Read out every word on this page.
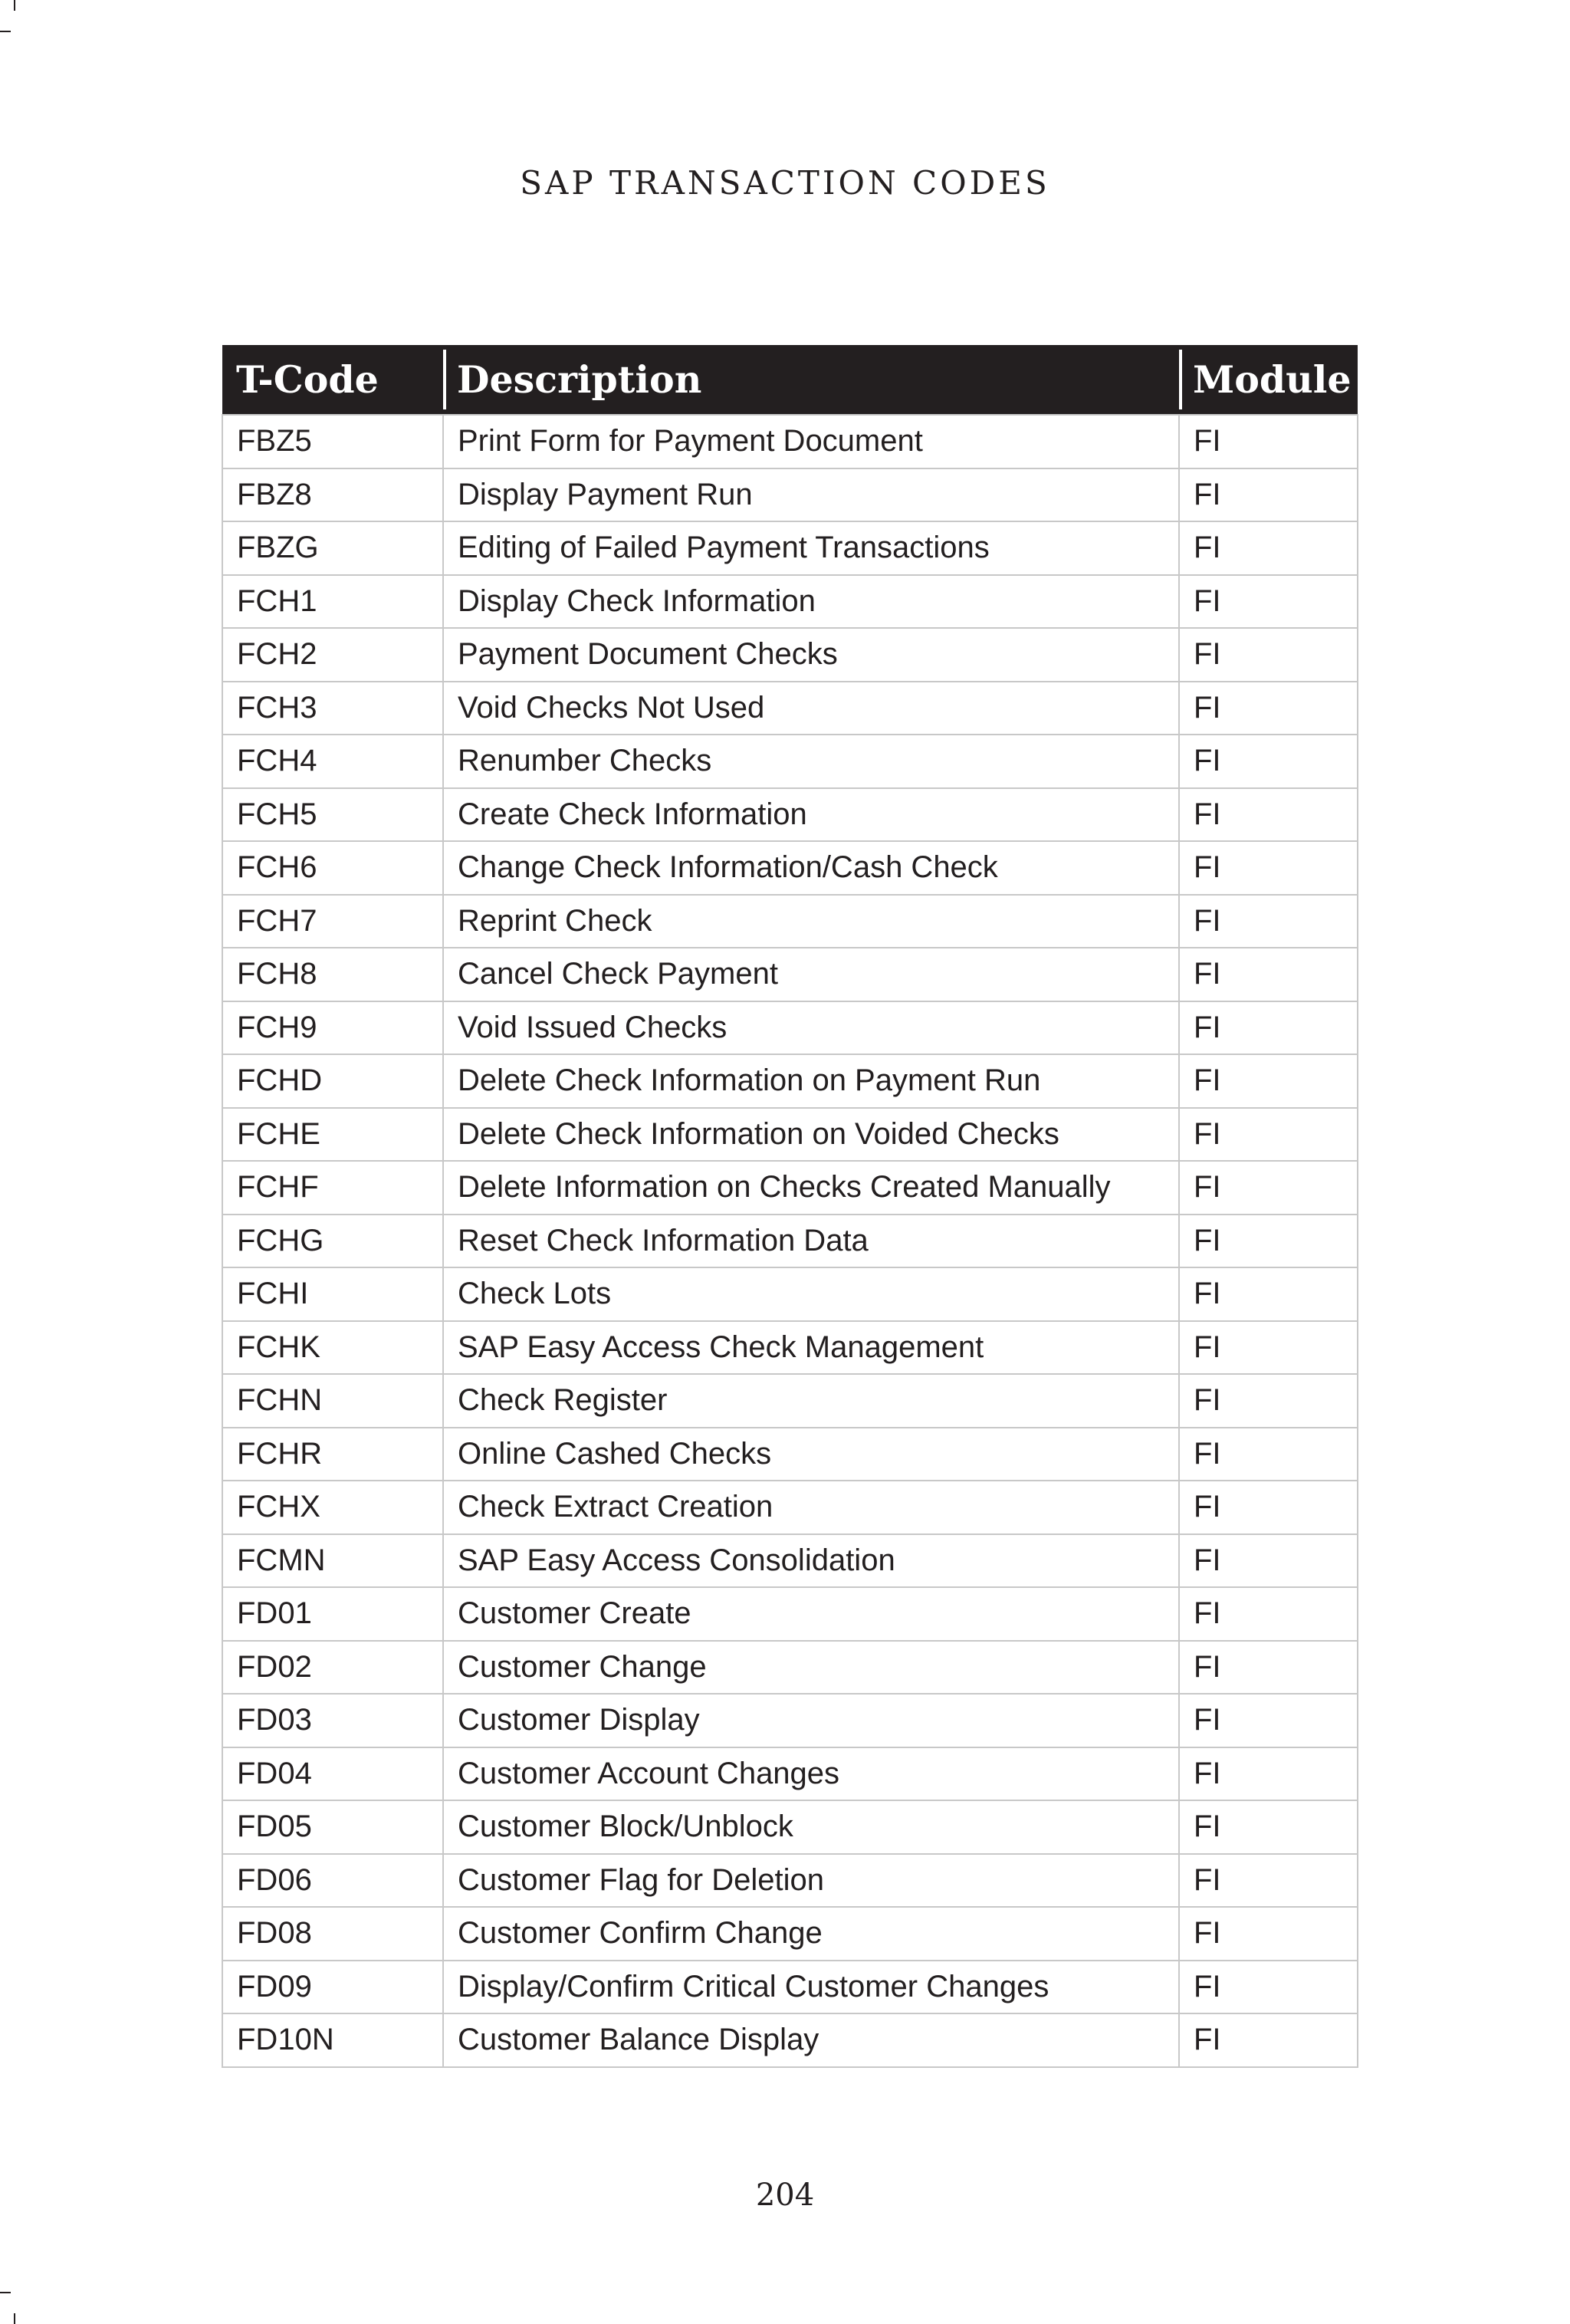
SAP TRANSACTION CODES
T-Code	Description	Module
FBZ5	Print Form for Payment Document	FI
FBZ8	Display Payment Run	FI
FBZG	Editing of Failed Payment Transactions	FI
FCH1	Display Check Information	FI
FCH2	Payment Document Checks	FI
FCH3	Void Checks Not Used	FI
FCH4	Renumber Checks	FI
FCH5	Create Check Information	FI
FCH6	Change Check Information/Cash Check	FI
FCH7	Reprint Check	FI
FCH8	Cancel Check Payment	FI
FCH9	Void Issued Checks	FI
FCHD	Delete Check Information on Payment Run	FI
FCHE	Delete Check Information on Voided Checks	FI
FCHF	Delete Information on Checks Created Manually	FI
FCHG	Reset Check Information Data	FI
FCHI	Check Lots	FI
FCHK	SAP Easy Access Check Management	FI
FCHN	Check Register	FI
FCHR	Online Cashed Checks	FI
FCHX	Check Extract Creation	FI
FCMN	SAP Easy Access Consolidation	FI
FD01	Customer Create	FI
FD02	Customer Change	FI
FD03	Customer Display	FI
FD04	Customer Account Changes	FI
FD05	Customer Block/Unblock	FI
FD06	Customer Flag for Deletion	FI
FD08	Customer Confirm Change	FI
FD09	Display/Confirm Critical Customer Changes	FI
FD10N	Customer Balance Display	FI
204
